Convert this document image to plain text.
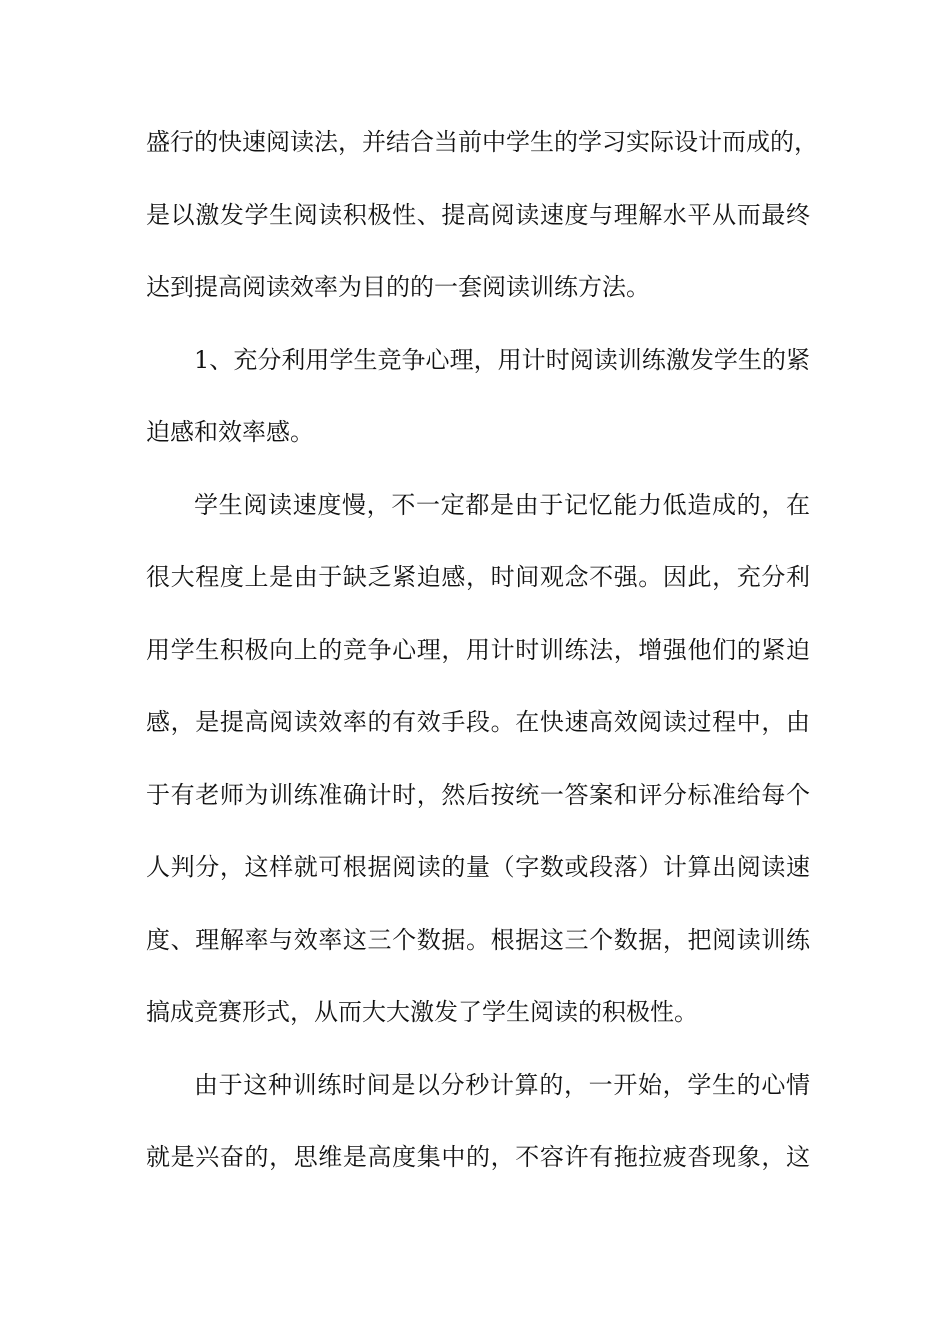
盛行的快速阅读法，并结合当前中学生的学习实际设计而成的，
是以激发学生阅读积极性、提高阅读速度与理解水平从而最终
达到提高阅读效率为目的的一套阅读训练方法。
1、充分利用学生竞争心理，用计时阅读训练激发学生的紧
迫感和效率感。
学生阅读速度慢，不一定都是由于记忆能力低造成的，在
很大程度上是由于缺乏紧迫感，时间观念不强。因此，充分利
用学生积极向上的竞争心理，用计时训练法，增强他们的紧迫
感，是提高阅读效率的有效手段。在快速高效阅读过程中，由
于有老师为训练准确计时，然后按统一答案和评分标准给每个
人判分，这样就可根据阅读的量（字数或段落）计算出阅读速
度、理解率与效率这三个数据。根据这三个数据，把阅读训练
搞成竞赛形式，从而大大激发了学生阅读的积极性。
由于这种训练时间是以分秒计算的，一开始，学生的心情
就是兴奋的，思维是高度集中的，不容许有拖拉疲沓现象，这
